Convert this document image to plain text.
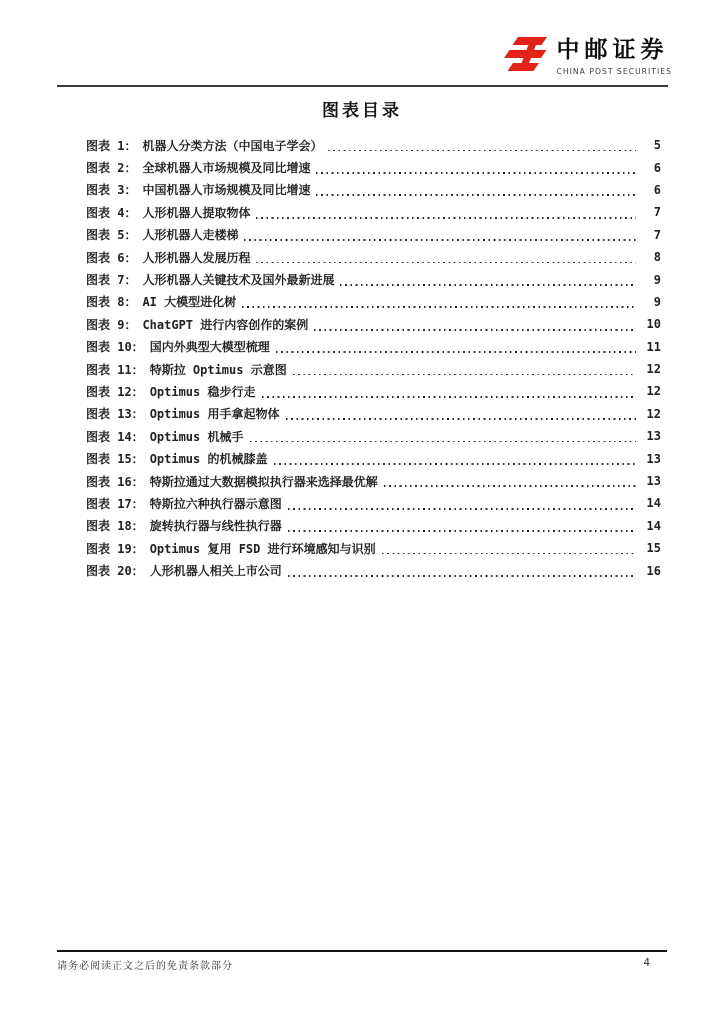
中邮证券
CHINA POST SECURITIES
图表目录
图表 1： 机器人分类方法（中国电子学会）	5
图表 2： 全球机器人市场规模及同比增速	6
图表 3： 中国机器人市场规模及同比增速	6
图表 4： 人形机器人提取物体	7
图表 5： 人形机器人走楼梯	7
图表 6： 人形机器人发展历程	8
图表 7： 人形机器人关键技术及国外最新进展	9
图表 8： AI 大模型进化树	9
图表 9： ChatGPT 进行内容创作的案例	10
图表 10： 国内外典型大模型梳理	11
图表 11： 特斯拉 Optimus 示意图	12
图表 12： Optimus 稳步行走	12
图表 13： Optimus 用手拿起物体	12
图表 14： Optimus 机械手	13
图表 15： Optimus 的机械膝盖	13
图表 16： 特斯拉通过大数据模拟执行器来选择最优解	13
图表 17： 特斯拉六种执行器示意图	14
图表 18： 旋转执行器与线性执行器	14
图表 19： Optimus 复用 FSD 进行环境感知与识别	15
图表 20： 人形机器人相关上市公司	16
请务必阅读正文之后的免责条款部分	4
